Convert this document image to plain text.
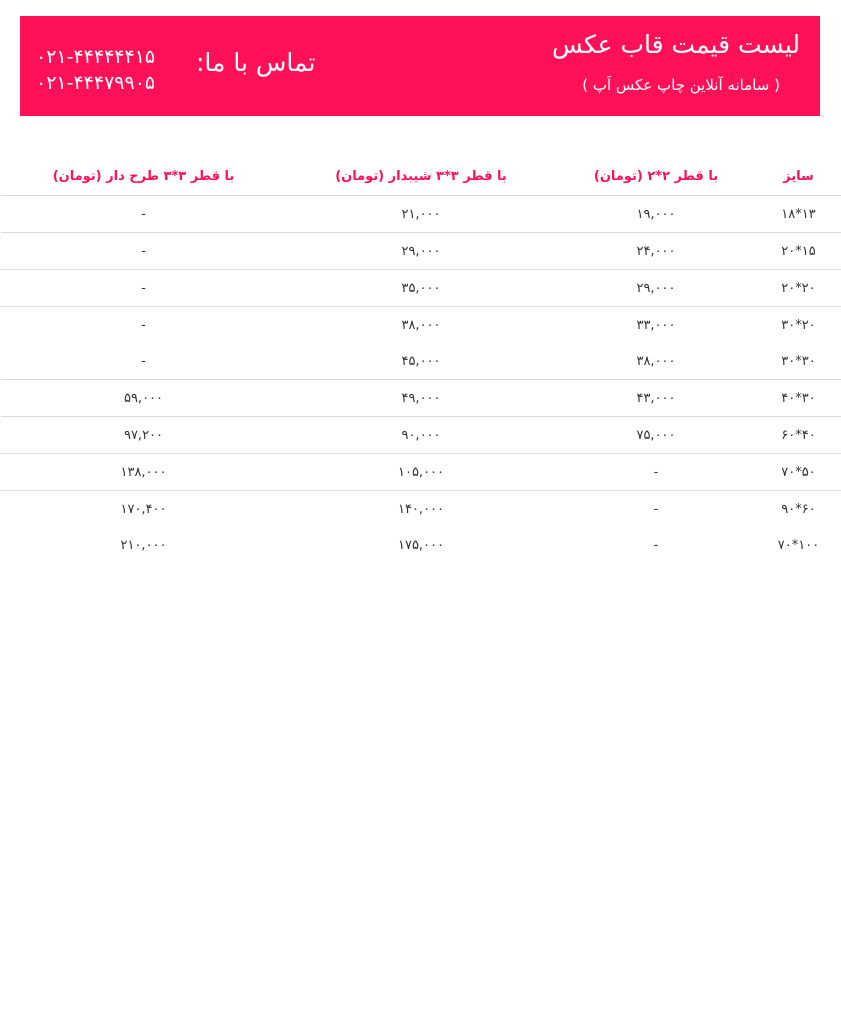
لیست قیمت قاب عکس
( سامانه آنلاین چاپ عکس اَپ )
تماس با ما:
۰۲۱-۴۴۴۴۴۴۱۵
۰۲۱-۴۴۴۷۹۹۰۵
سایز	با قطر ۲*۲ (تومان)	با قطر ۳*۳ شیبدار (تومان)	با قطر ۳*۳ طرح دار (تومان)
۱۳*۱۸	۱۹,۰۰۰	۲۱,۰۰۰	-
۱۵*۲۰	۲۴,۰۰۰	۲۹,۰۰۰	-
۲۰*۲۰	۲۹,۰۰۰	۳۵,۰۰۰	-
۲۰*۳۰	۳۳,۰۰۰	۳۸,۰۰۰	-
۳۰*۳۰	۳۸,۰۰۰	۴۵,۰۰۰	-
۳۰*۴۰	۴۳,۰۰۰	۴۹,۰۰۰	۵۹,۰۰۰
۴۰*۶۰	۷۵,۰۰۰	۹۰,۰۰۰	۹۷,۲۰۰
۵۰*۷۰	-	۱۰۵,۰۰۰	۱۳۸,۰۰۰
۶۰*۹۰	-	۱۴۰,۰۰۰	۱۷۰,۴۰۰
۱۰۰*۷۰	-	۱۷۵,۰۰۰	۲۱۰,۰۰۰
